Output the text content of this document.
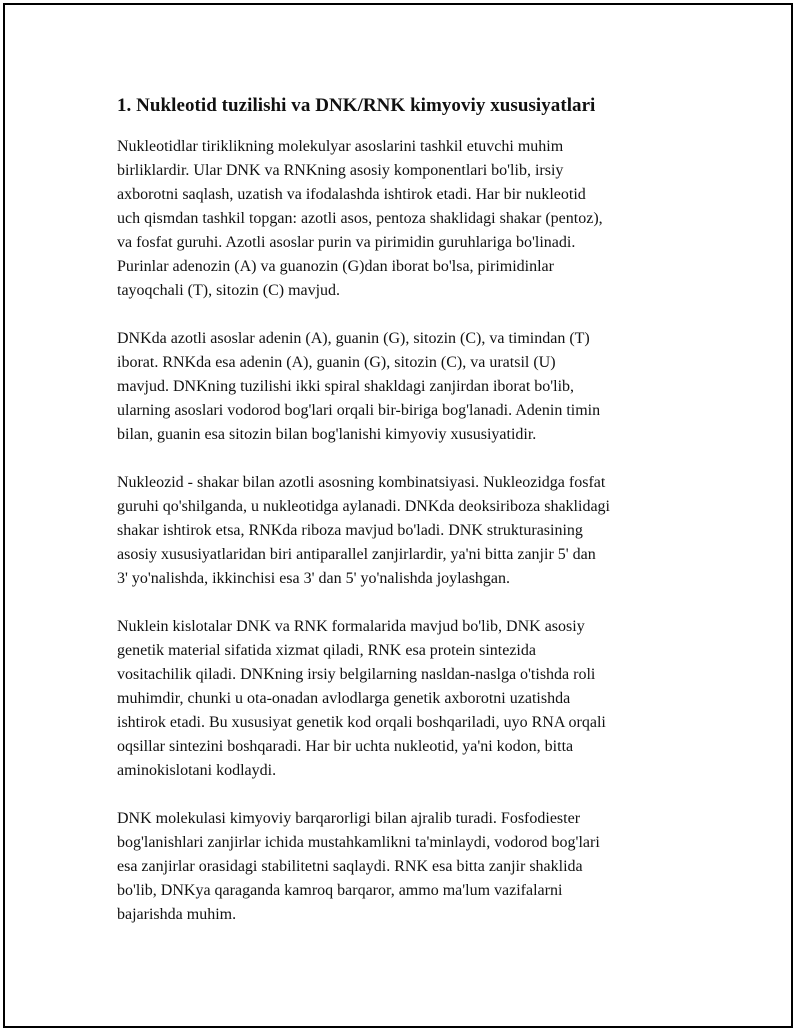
1. Nukleotid tuzilishi va DNK/RNK kimyoviy xususiyatlari

Nukleotidlar tiriklikning molekulyar asoslarini tashkil etuvchi muhim
birliklardir. Ular DNK va RNKning asosiy komponentlari bo'lib, irsiy
axborotni saqlash, uzatish va ifodalashda ishtirok etadi. Har bir nukleotid
uch qismdan tashkil topgan: azotli asos, pentoza shaklidagi shakar (pentoz),
va fosfat guruhi. Azotli asoslar purin va pirimidin guruhlariga bo'linadi.
Purinlar adenozin (A) va guanozin (G)dan iborat bo'lsa, pirimidinlar
tayoqchali (T), sitozin (C) mavjud.

DNKda azotli asoslar adenin (A), guanin (G), sitozin (C), va timindan (T)
iborat. RNKda esa adenin (A), guanin (G), sitozin (C), va uratsil (U)
mavjud. DNKning tuzilishi ikki spiral shakldagi zanjirdan iborat bo'lib,
ularning asoslari vodorod bog'lari orqali bir-biriga bog'lanadi. Adenin timin
bilan, guanin esa sitozin bilan bog'lanishi kimyoviy xususiyatidir.

Nukleozid - shakar bilan azotli asosning kombinatsiyasi. Nukleozidga fosfat
guruhi qo'shilganda, u nukleotidga aylanadi. DNKda deoksiriboza shaklidagi
shakar ishtirok etsa, RNKda riboza mavjud bo'ladi. DNK strukturasining
asosiy xususiyatlaridan biri antiparallel zanjirlardir, ya'ni bitta zanjir 5' dan
3' yo'nalishda, ikkinchisi esa 3' dan 5' yo'nalishda joylashgan.

Nuklein kislotalar DNK va RNK formalarida mavjud bo'lib, DNK asosiy
genetik material sifatida xizmat qiladi, RNK esa protein sintezida
vositachilik qiladi. DNKning irsiy belgilarning nasldan-naslga o'tishda roli
muhimdir, chunki u ota-onadan avlodlarga genetik axborotni uzatishda
ishtirok etadi. Bu xususiyat genetik kod orqali boshqariladi, uyo RNA orqali
oqsillar sintezini boshqaradi. Har bir uchta nukleotid, ya'ni kodon, bitta
aminokislotani kodlaydi.

DNK molekulasi kimyoviy barqarorligi bilan ajralib turadi. Fosfodiester
bog'lanishlari zanjirlar ichida mustahkamlikni ta'minlaydi, vodorod bog'lari
esa zanjirlar orasidagi stabilitetni saqlaydi. RNK esa bitta zanjir shaklida
bo'lib, DNKya qaraganda kamroq barqaror, ammo ma'lum vazifalarni
bajarishda muhim.
